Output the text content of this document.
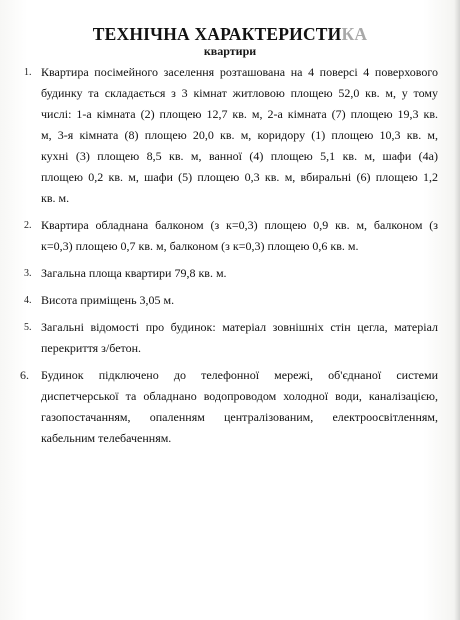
ТЕХНІЧНА ХАРАКТЕРИСТИКА
квартири
1. Квартира посімейного заселення розташована на 4 поверсі 4 поверхового
будинку та складається з 3 кімнат житловою площею 52,0 кв. м, у тому
числі: 1-а кімната (2) площею 12,7 кв. м, 2-а кімната (7) площею 19,3 кв.
м, 3-я кімната (8) площею 20,0 кв. м, коридору (1) площею 10,3 кв. м,
кухні (3) площею 8,5 кв. м, ванної (4) площею 5,1 кв. м, шафи (4а)
площею 0,2 кв. м, шафи (5) площею 0,3 кв. м, вбиральні (6) площею 1,2
кв. м.
2. Квартира обладнана балконом (з к=0,3) площею 0,9 кв. м, балконом (з
к=0,3) площею 0,7 кв. м, балконом (з к=0,3) площею 0,6 кв. м.
3. Загальна площа квартири 79,8 кв. м.
4. Висота приміщень 3,05 м.
5. Загальні відомості про будинок: матеріал зовнішніх стін цегла, матеріал
перекриття з/бетон.
6. Будинок підключено до телефонної мережі, об'єднаної системи
диспетчерської та обладнано водопроводом холодної води, каналізацією,
газопостачанням, опаленням централізованим, електроосвітленням,
кабельним телебаченням.
